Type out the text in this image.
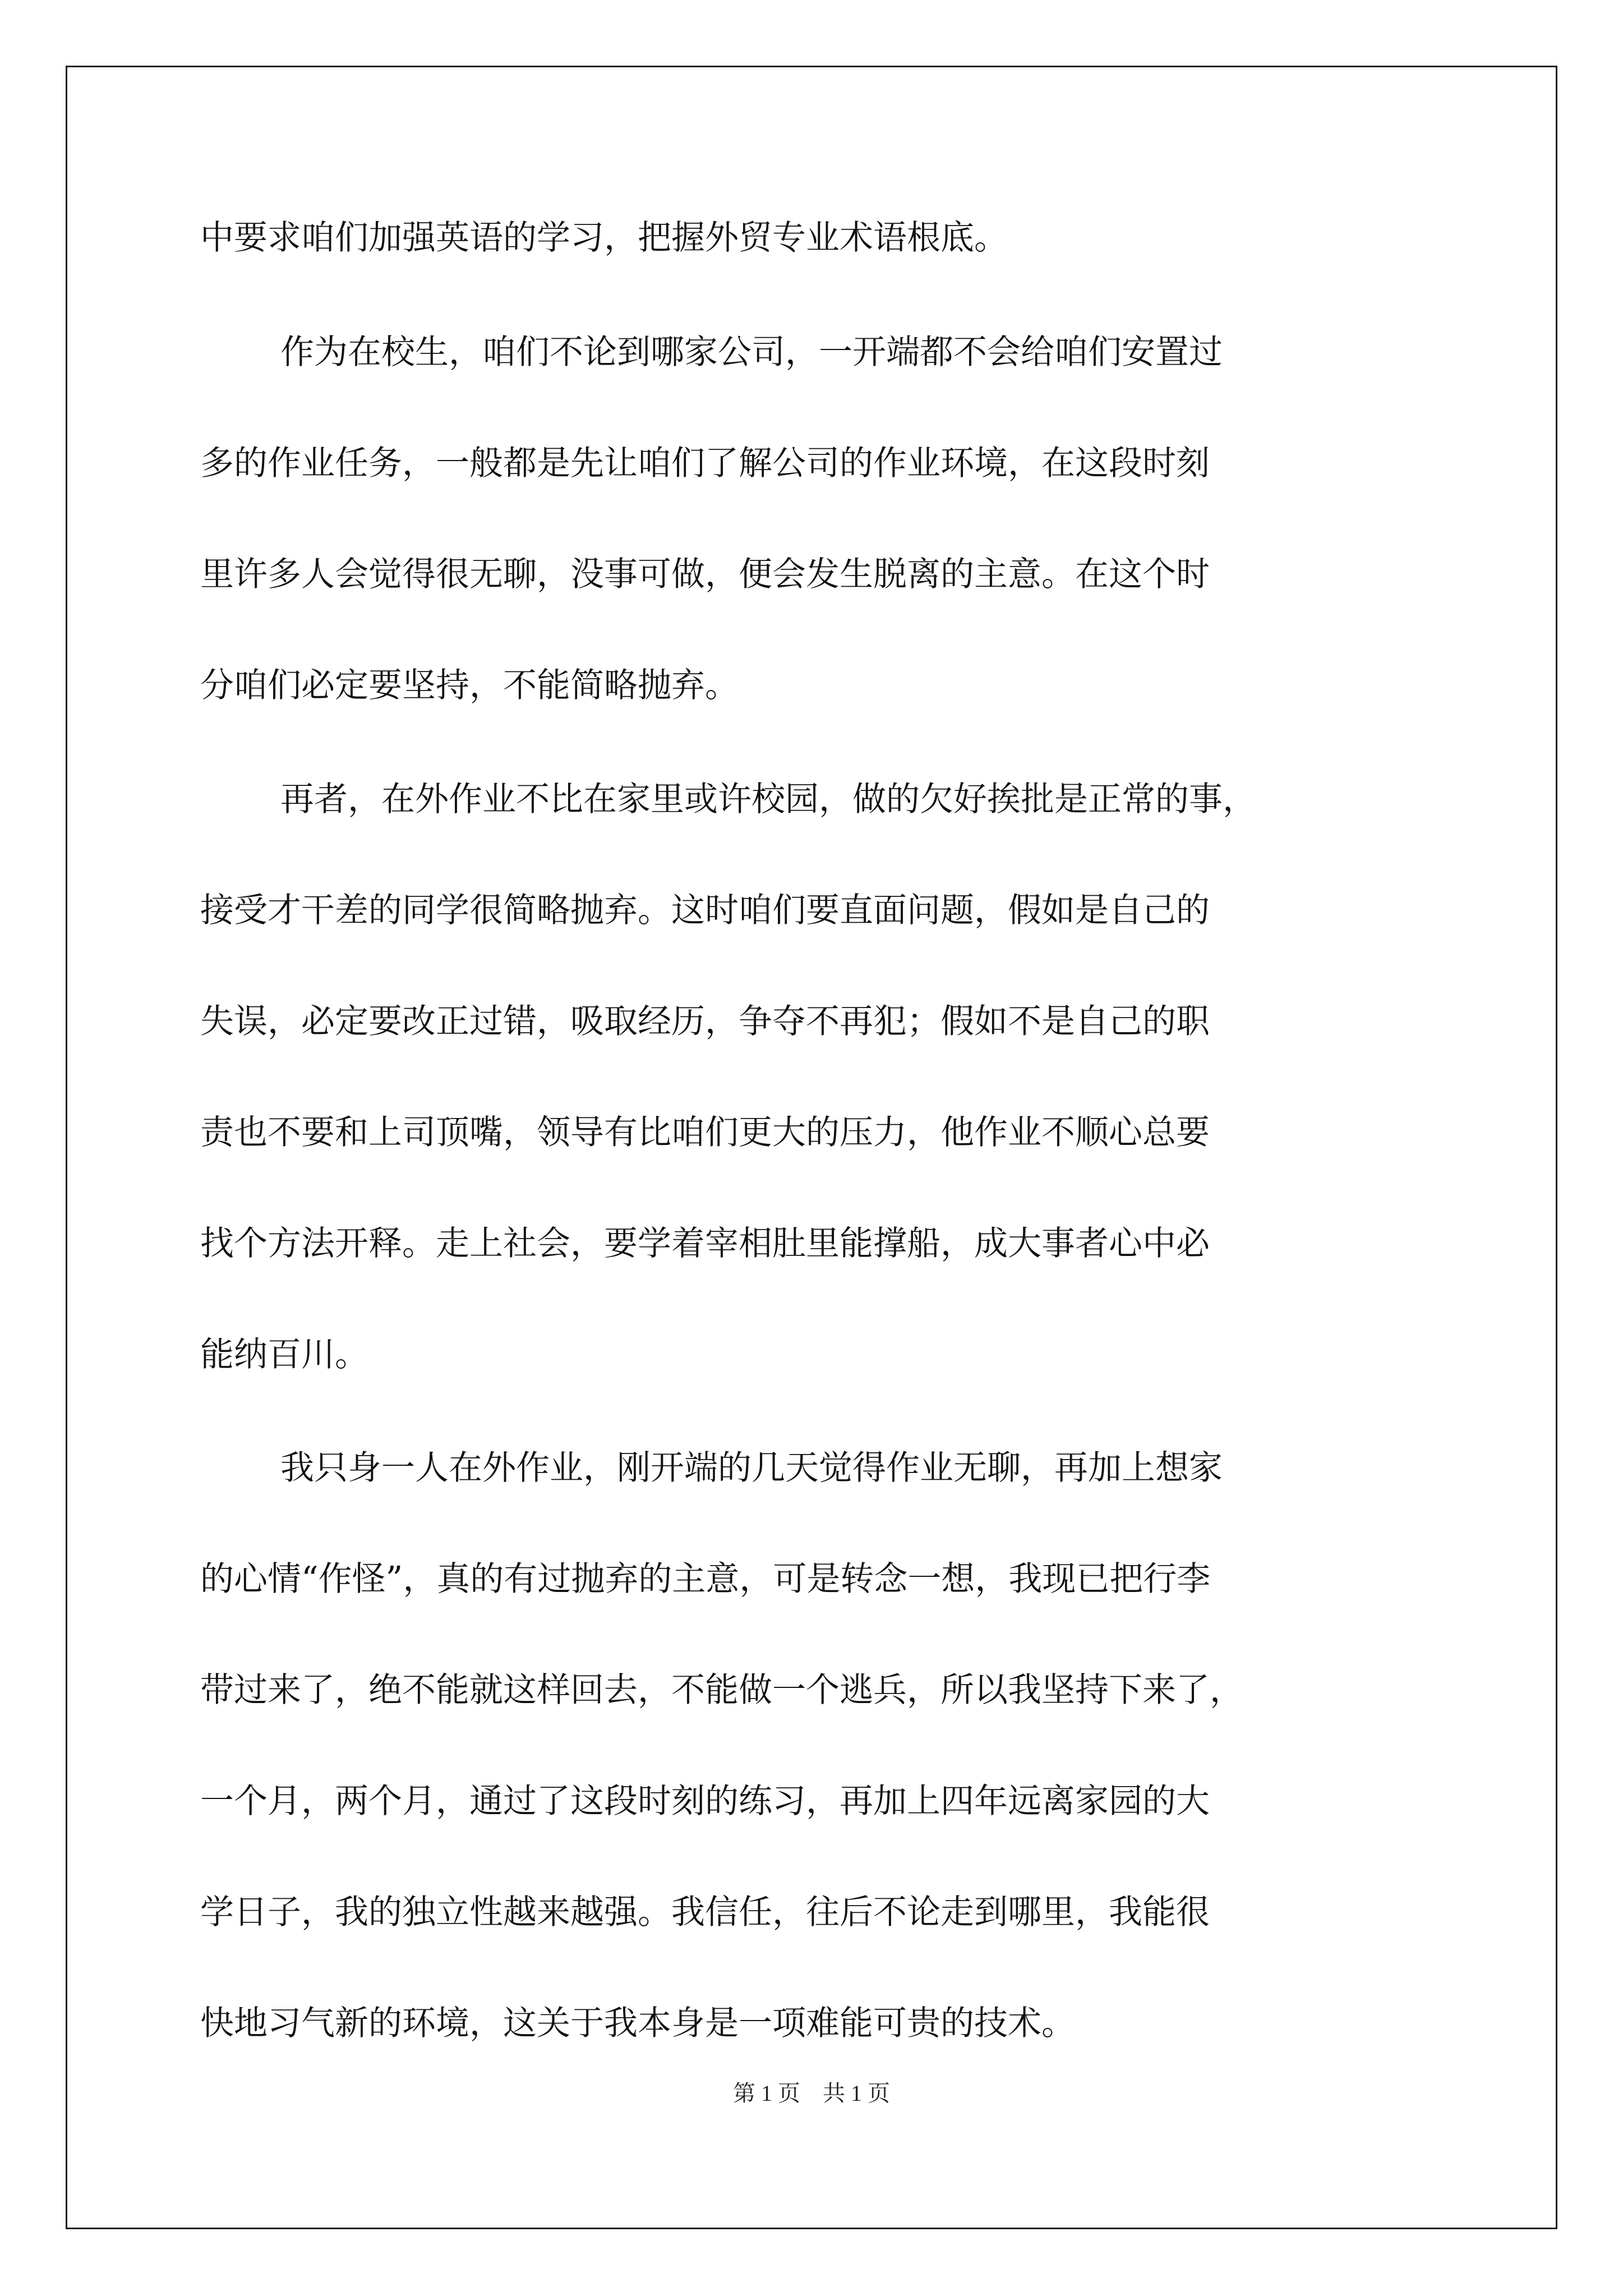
中要求咱们加强英语的学习，把握外贸专业术语根底。
作为在校生，咱们不论到哪家公司，一开端都不会给咱们安置过
多的作业任务，一般都是先让咱们了解公司的作业环境，在这段时刻
里许多人会觉得很无聊，没事可做，便会发生脱离的主意。在这个时
分咱们必定要坚持，不能简略抛弃。
再者，在外作业不比在家里或许校园，做的欠好挨批是正常的事，
接受才干差的同学很简略抛弃。这时咱们要直面问题，假如是自己的
失误，必定要改正过错，吸取经历，争夺不再犯；假如不是自己的职
责也不要和上司顶嘴，领导有比咱们更大的压力，他作业不顺心总要
找个方法开释。走上社会，要学着宰相肚里能撑船，成大事者心中必
能纳百川。
我只身一人在外作业，刚开端的几天觉得作业无聊，再加上想家
的心情“作怪”，真的有过抛弃的主意，可是转念一想，我现已把行李
带过来了，绝不能就这样回去，不能做一个逃兵，所以我坚持下来了，
一个月，两个月，通过了这段时刻的练习，再加上四年远离家园的大
学日子，我的独立性越来越强。我信任，往后不论走到哪里，我能很
快地习气新的环境，这关于我本身是一项难能可贵的技术。
第 1 页　共 1 页
